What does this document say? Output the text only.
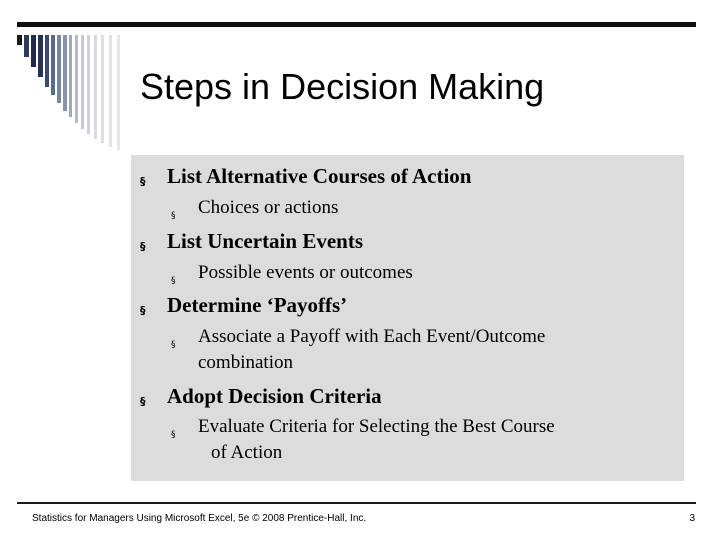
Steps in Decision Making
§ List Alternative Courses of Action
§ Choices or actions
§ List Uncertain Events
§ Possible events or outcomes
§ Determine ‘Payoffs’
§ Associate a Payoff with Each Event/Outcome
combination
§ Adopt Decision Criteria
§ Evaluate Criteria for Selecting the Best Course
of Action
Statistics for Managers Using Microsoft Excel, 5e © 2008 Prentice-Hall, Inc.	3
